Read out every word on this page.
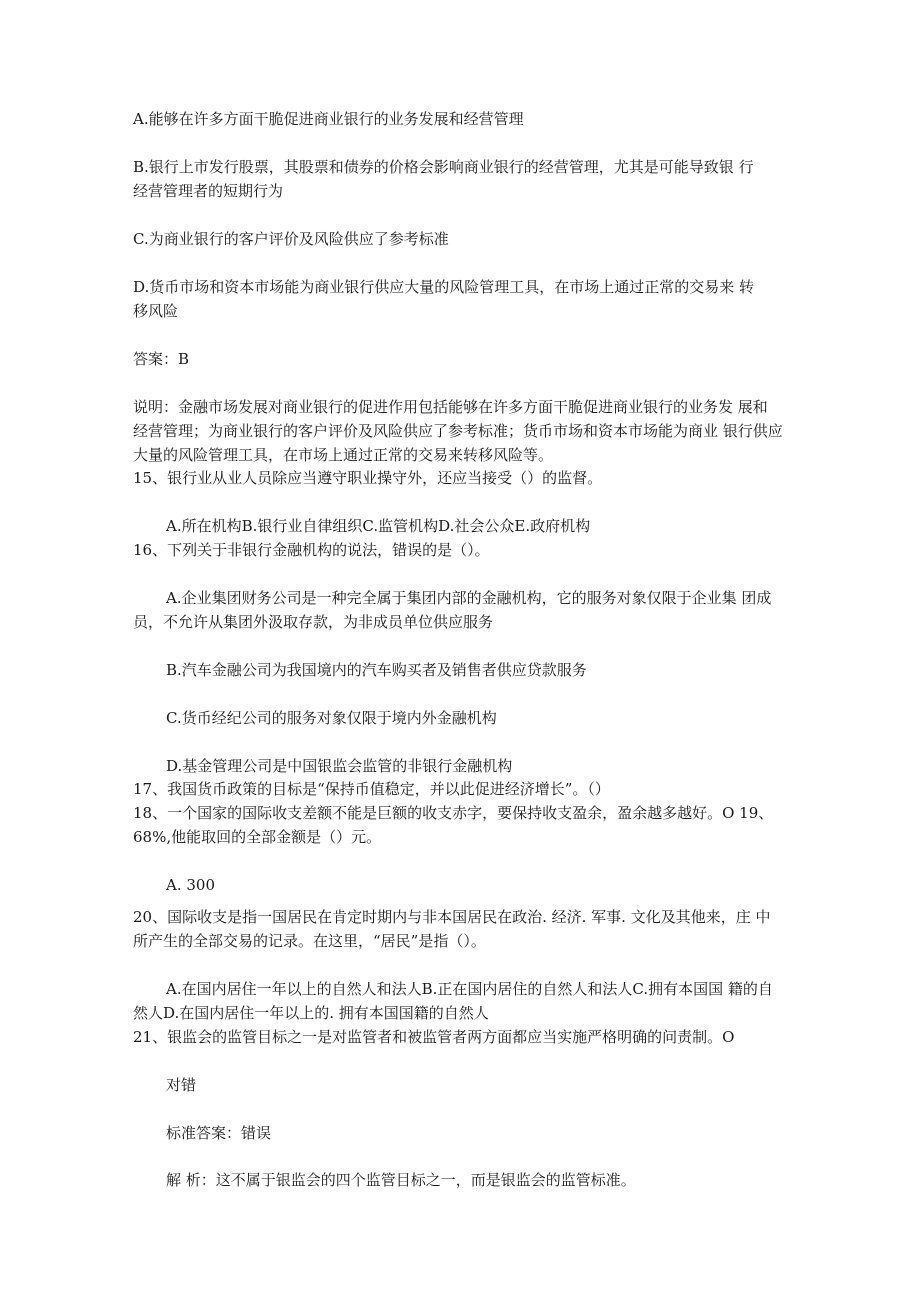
A.能够在许多方面干脆促进商业银行的业务发展和经营管理

B.银行上市发行股票，其股票和债券的价格会影响商业银行的经营管理，尤其是可能导致银 行
经营管理者的短期行为

C.为商业银行的客户评价及风险供应了参考标准

D.货币市场和资本市场能为商业银行供应大量的风险管理工具，在市场上通过正常的交易来 转
移风险

答案：B

说明：金融市场发展对商业银行的促进作用包括能够在许多方面干脆促进商业银行的业务发 展和
经营管理；为商业银行的客户评价及风险供应了参考标准；货币市场和资本市场能为商业 银行供应
大量的风险管理工具，在市场上通过正常的交易来转移风险等。

15、银行业从业人员除应当遵守职业操守外，还应当接受（）的监督。

A.所在机构B.银行业自律组织C.监管机构D.社会公众E.政府机构

16、下列关于非银行金融机构的说法，错误的是（）。

A.企业集团财务公司是一种完全属于集团内部的金融机构，它的服务对象仅限于企业集 团成
员，不允许从集团外汲取存款，为非成员单位供应服务

B.汽车金融公司为我国境内的汽车购买者及销售者供应贷款服务

C.货币经纪公司的服务对象仅限于境内外金融机构

D.基金管理公司是中国银监会监管的非银行金融机构

17、我国货币政策的目标是“保持币值稳定，并以此促进经济增长”。（）

18、一个国家的国际收支差额不能是巨额的收支赤字，要保持收支盈余，盈余越多越好。O 19、
68%,他能取回的全部金额是（）元。

A. 300

20、国际收支是指一国居民在肯定时期内与非本国居民在政治. 经济. 军事. 文化及其他来，庄 中
所产生的全部交易的记录。在这里，“居民”是指（）。

A.在国内居住一年以上的自然人和法人B.正在国内居住的自然人和法人C.拥有本国国 籍的自
然人D.在国内居住一年以上的. 拥有本国国籍的自然人

21、银监会的监管目标之一是对监管者和被监管者两方面都应当实施严格明确的问责制。O

对错

标准答案：错误

解 析：这不属于银监会的四个监管目标之一，而是银监会的监管标准。
